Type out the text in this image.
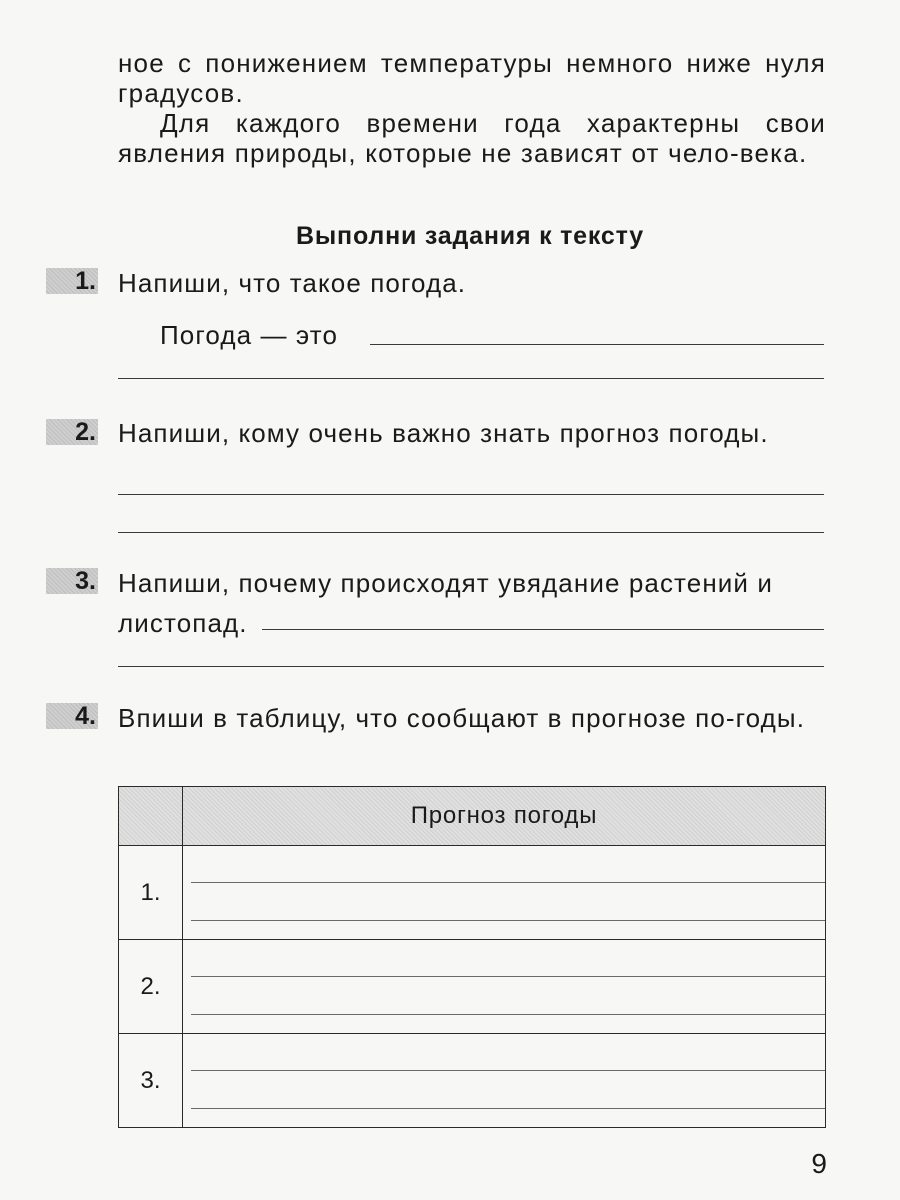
ное с понижением температуры немного ниже нуля градусов.
Для каждого времени года характерны свои явления природы, которые не зависят от чело-века.
Выполни задания к тексту
1. Напиши, что такое погода.
Погода — это
2. Напиши, кому очень важно знать прогноз погоды.
3. Напиши, почему происходят увядание растений и
листопад.
4. Впиши в таблицу, что сообщают в прогнозе по-годы.
	Прогноз погоды
1.	

2.	

3.	
9
